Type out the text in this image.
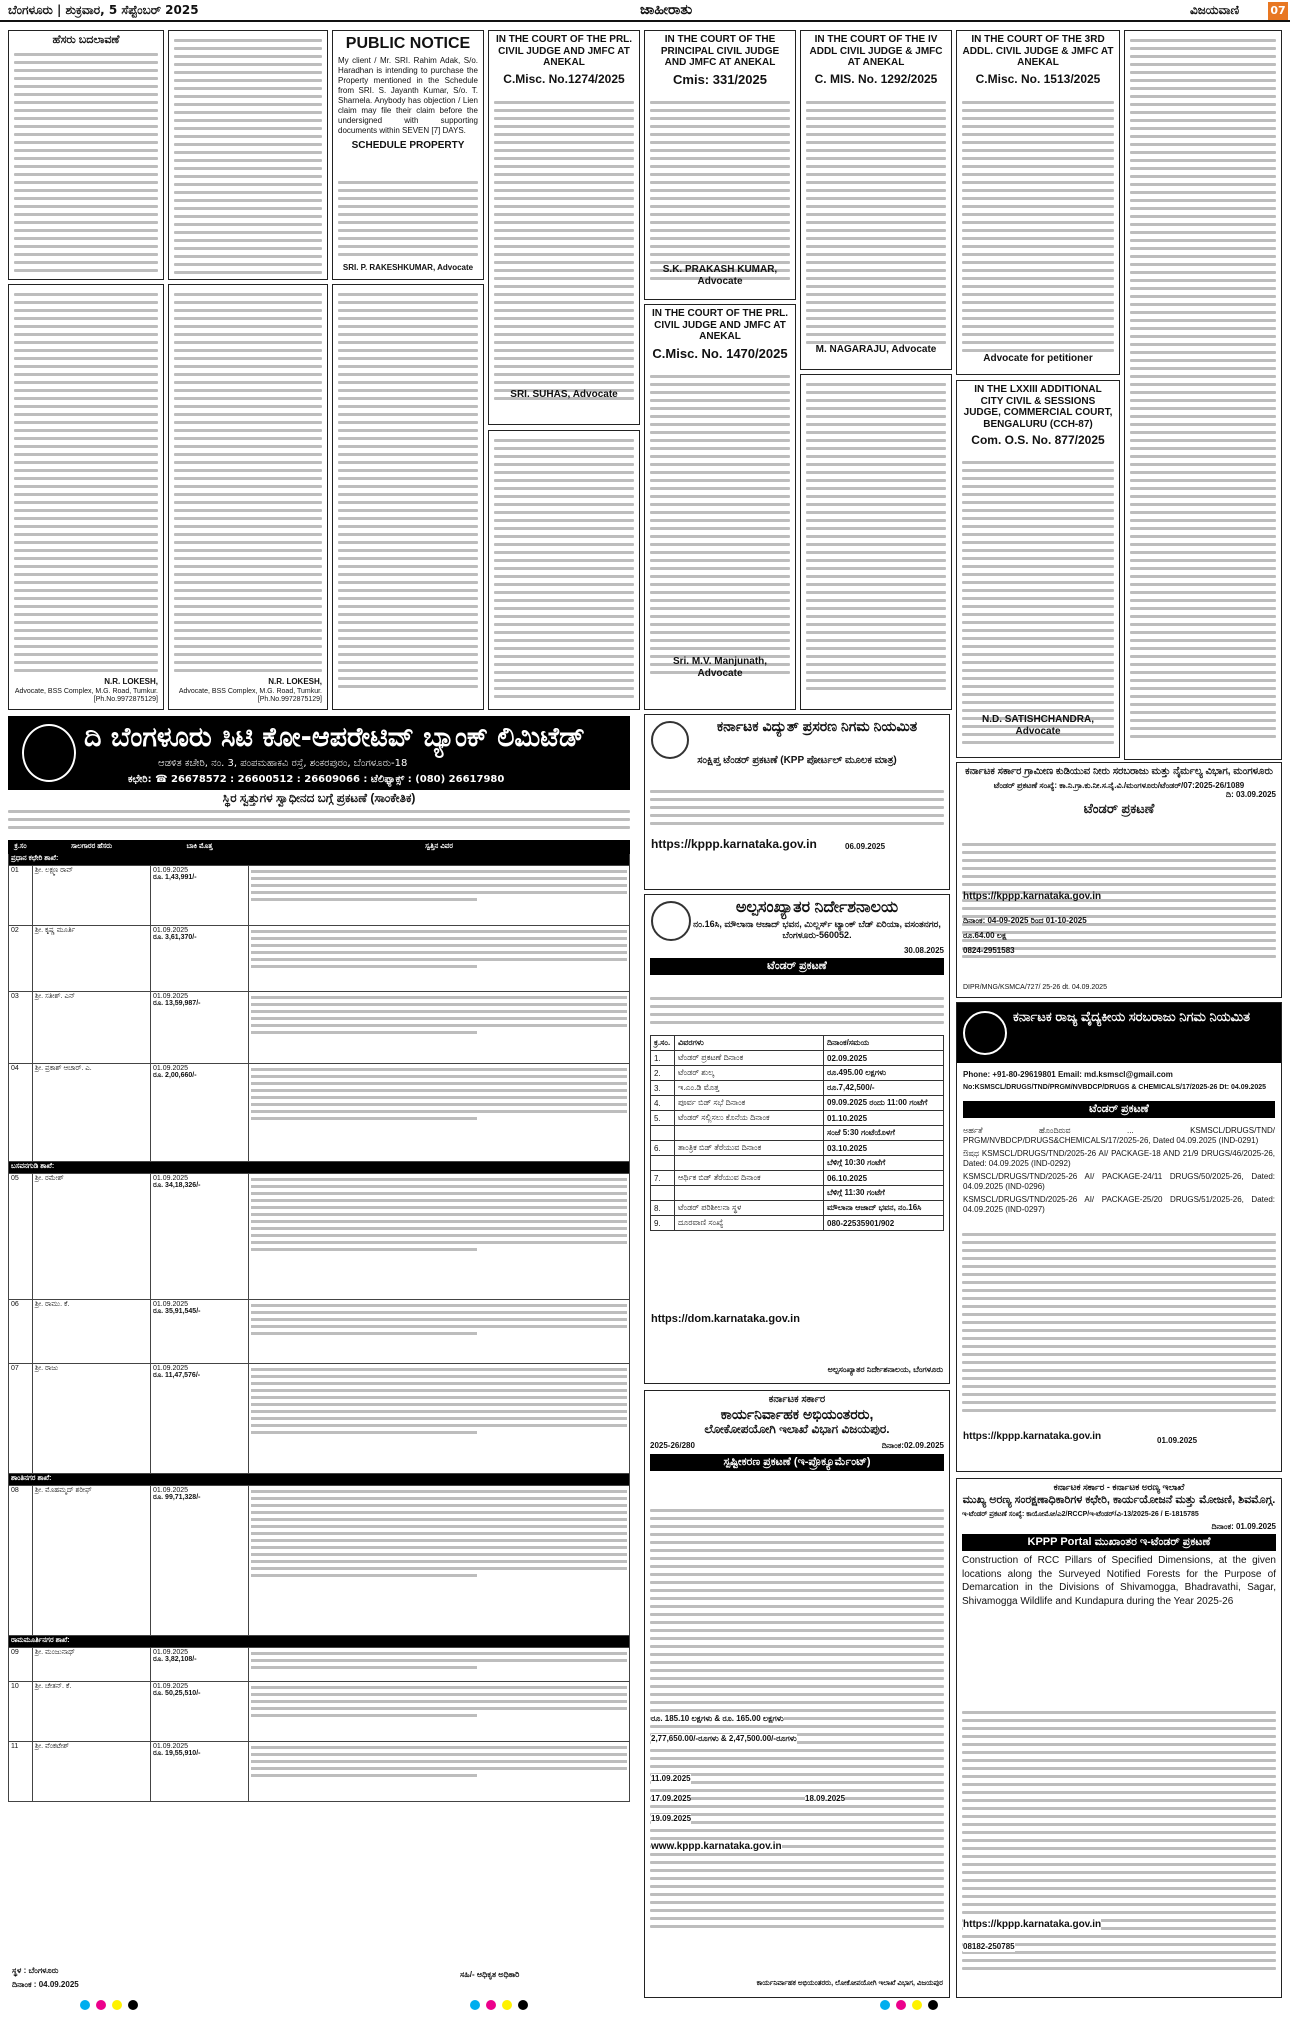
ಬೆಂಗಳೂರು | ಶುಕ್ರವಾರ, 5 ಸೆಪ್ಟೆಂಬರ್ 2025	ಜಾಹೀರಾತು	ವಿಜಯವಾಣಿ	07
ಹೆಸರು ಬದಲಾವಣೆ	PUBLIC NOTICE
My client / Mr. SRI. Rahim Adak, S/o. Haradhan is intending to purchase the Property mentioned in the Schedule from SRI. S. Jayanth Kumar, S/o. T. Sharnela. Anybody has objection / Lien claim may file their claim before the undersigned with supporting documents within SEVEN [7] DAYS.
SCHEDULE PROPERTY
SRI. P. RAKESHKUMAR, Advocate
IN THE COURT OF THE PRL. CIVIL JUDGE AND JMFC AT ANEKAL
C.Misc. No.1274/2025
SRI. SUHAS, Advocate
IN THE COURT OF THE PRINCIPAL CIVIL JUDGE AND JMFC AT ANEKAL
Cmis: 331/2025
S.K. PRAKASH KUMAR, Advocate
IN THE COURT OF THE IV ADDL CIVIL JUDGE & JMFC AT ANEKAL
C. MIS. No. 1292/2025
M. NAGARAJU, Advocate
IN THE COURT OF THE 3RD ADDL. CIVIL JUDGE & JMFC AT ANEKAL
C.Misc. No. 1513/2025
Advocate for petitioner
N.R. LOKESH,
Advocate, BSS Complex, M.G. Road, Tumkur. [Ph.No.9972875129]
N.R. LOKESH,
Advocate, BSS Complex, M.G. Road, Tumkur. [Ph.No.9972875129]
IN THE COURT OF THE PRL. CIVIL JUDGE AND JMFC AT ANEKAL
C.Misc. No. 1470/2025
Sri. M.V. Manjunath, Advocate
IN THE LXXIII ADDITIONAL CITY CIVIL & SESSIONS JUDGE, COMMERCIAL COURT, BENGALURU (CCH-87)
Com. O.S. No. 877/2025
N.D. SATISHCHANDRA, Advocate
ಕರ್ನಾಟಕ ವಿದ್ಯುತ್ ಪ್ರಸರಣ ನಿಗಮ ನಿಯಮಿತ
ಸಂಕ್ಷಿಪ್ತ ಟೆಂಡರ್ ಪ್ರಕಟಣೆ (KPP ಪೋರ್ಟಲ್ ಮೂಲಕ ಮಾತ್ರ)
https://kppp.karnataka.gov.in	06.09.2025
ಕರ್ನಾಟಕ ಸರ್ಕಾರ ಗ್ರಾಮೀಣ ಕುಡಿಯುವ ನೀರು ಸರಬರಾಜು ಮತ್ತು ನೈರ್ಮಲ್ಯ ವಿಭಾಗ, ಮಂಗಳೂರು
ಟೆಂಡರ್ ಪ್ರಕಟಣೆ ಸಂಖ್ಯೆ: ಕಾ.ನಿ.ಗ್ರಾ.ಕು.ನೀ.ಸ.ನೈ.ವಿ./ಮಂಗಳೂರು/ಟೆಂಡರ್/07:2025-26/1089
ದಿ: 03.09.2025
ಟೆಂಡರ್ ಪ್ರಕಟಣೆ
https://kppp.karnataka.gov.in
ದಿನಾಂಕ: 04-09-2025 ರಿಂದ 01-10-2025
ರೂ.64.00 ಲಕ್ಷ
0824-2951583
DIPR/MNG/KSMCA/727/ 25-26 dt. 04.09.2025
ದಿ ಬೆಂಗಳೂರು ಸಿಟಿ ಕೋ-ಆಪರೇಟಿವ್ ಬ್ಯಾಂಕ್ ಲಿಮಿಟೆಡ್
ಆಡಳಿತ ಕಚೇರಿ, ನಂ. 3, ಪಂಪಮಹಾಕವಿ ರಸ್ತೆ, ಶಂಕರಪುರಂ, ಬೆಂಗಳೂರು-18
ಕಛೇರಿ: ☎ 26678572 : 26600512 : 26609066 : ಟೆಲಿಫ್ಯಾಕ್ಸ್ : (080) 26617980
ಸ್ಥಿರ ಸ್ವತ್ತುಗಳ ಸ್ವಾಧೀನದ ಬಗ್ಗೆ ಪ್ರಕಟಣೆ (ಸಾಂಕೇತಿಕ)
ಕ್ರ.ಸಂ	ಸಾಲಗಾರರ ಹೆಸರು	ಬಾಕಿ ಮೊತ್ತ	ಸ್ವತ್ತಿನ ವಿವರ
ಪ್ರಧಾನ ಕಛೇರಿ ಶಾಖೆ:			
01	ಶ್ರೀ. ಲಕ್ಷ್ಮಣ ರಾವ್	01.09.2025
ರೂ. 1,43,991/-	

02	ಶ್ರೀ. ಕೃಷ್ಣ ಮೂರ್ತಿ	01.09.2025
ರೂ. 3,61,370/-	

03	ಶ್ರೀ. ಸತೀಶ್. ಎನ್	01.09.2025
ರೂ. 13,59,987/-	

04	ಶ್ರೀ. ಪ್ರಕಾಶ್ ಆಚಾರ್. ಎ.	01.09.2025
ರೂ. 2,00,660/-	

ಬಸವನಗುಡಿ ಶಾಖೆ:			
05	ಶ್ರೀ. ರಮೇಶ್	01.09.2025
ರೂ. 34,18,326/-	

06	ಶ್ರೀ. ರಾಮು. ಕೆ.	01.09.2025
ರೂ. 35,91,545/-	

07	ಶ್ರೀ. ರಾಜು	01.09.2025
ರೂ. 11,47,576/-	

ಶಾಂತಿನಗರ ಶಾಖೆ:			
08	ಶ್ರೀ. ಮೊಹಮ್ಮದ್ ಶರೀಫ್	01.09.2025
ರೂ. 99,71,328/-	

ರಾಮಮೂರ್ತಿನಗರ ಶಾಖೆ:			
09	ಶ್ರೀ. ಮಂಜುನಾಥ್	01.09.2025
ರೂ. 3,82,108/-	

10	ಶ್ರೀ. ಚೇತನ್. ಕೆ.	01.09.2025
ರೂ. 50,25,510/-	

11	ಶ್ರೀ. ವೆಂಕಟೇಶ್	01.09.2025
ರೂ. 19,55,910/-	

ಸ್ಥಳ : ಬೆಂಗಳೂರು
ದಿನಾಂಕ : 04.09.2025
ಸಹಿ/- ಅಧಿಕೃತ ಅಧಿಕಾರಿ
ಅಲ್ಪಸಂಖ್ಯಾತರ ನಿರ್ದೇಶನಾಲಯ
ನಂ.16ಸಿ, ಮೌಲಾನಾ ಆಜಾದ್ ಭವನ, ಮಿಲ್ಲರ್ಸ್ ಟ್ಯಾಂಕ್ ಬೆಡ್ ಏರಿಯಾ, ವಸಂತನಗರ, ಬೆಂಗಳೂರು-560052.
30.08.2025
ಟೆಂಡರ್ ಪ್ರಕಟಣೆ
ಕ್ರ.ಸಂ.	ವಿವರಗಳು	ದಿನಾಂಕ/ಸಮಯ
1.	ಟೆಂಡರ್ ಪ್ರಕಟಣೆ ದಿನಾಂಕ	02.09.2025
2.	ಟೆಂಡರ್ ಶುಲ್ಕ	ರೂ.495.00 ಲಕ್ಷಗಳು
3.	ಇ.ಎಂ.ಡಿ ಮೊತ್ತ	ರೂ.7,42,500/-
4.	ಪೂರ್ವ ಬಿಡ್ ಸಭೆ ದಿನಾಂಕ	09.09.2025 ರಂದು 11:00 ಗಂಟೆಗೆ
5.	ಟೆಂಡರ್ ಸಲ್ಲಿಸಲು ಕೊನೆಯ ದಿನಾಂಕ	01.10.2025
		ಸಂಜೆ 5:30 ಗಂಟೆಯೊಳಗೆ
6.	ತಾಂತ್ರಿಕ ಬಿಡ್ ತೆರೆಯುವ ದಿನಾಂಕ	03.10.2025
		ಬೆಳಿಗ್ಗೆ 10:30 ಗಂಟೆಗೆ
7.	ಆರ್ಥಿಕ ಬಿಡ್ ತೆರೆಯುವ ದಿನಾಂಕ	06.10.2025
		ಬೆಳಿಗ್ಗೆ 11:30 ಗಂಟೆಗೆ
8.	ಟೆಂಡರ್ ಪರಿಶೀಲನಾ ಸ್ಥಳ	ಮೌಲಾನಾ ಆಜಾದ್ ಭವನ, ನಂ.16ಸಿ
9.	ದೂರವಾಣಿ ಸಂಖ್ಯೆ	080-22535901/902
https://dom.karnataka.gov.in
ಅಲ್ಪಸಂಖ್ಯಾತರ ನಿರ್ದೇಶನಾಲಯ, ಬೆಂಗಳೂರು
ಕರ್ನಾಟಕ ಸರ್ಕಾರ
ಕಾರ್ಯನಿರ್ವಾಹಕ ಅಭಿಯಂತರರು,
ಲೋಕೋಪಯೋಗಿ ಇಲಾಖೆ ವಿಭಾಗ ವಿಜಯಪುರ.
2025-26/280	ದಿನಾಂಕ:02.09.2025
ಸ್ಪಷ್ಟೀಕರಣ ಪ್ರಕಟಣೆ (ಇ-ಪ್ರೊಕ್ಯೂರ್ಮೆಂಟ್)
ರೂ. 185.10 ಲಕ್ಷಗಳು & ರೂ. 165.00 ಲಕ್ಷಗಳು
2,77,650.00/-ರೂಗಳು & 2,47,500.00/-ರೂಗಳು
11.09.2025
17.09.2025	18.09.2025
19.09.2025
www.kppp.karnataka.gov.in
ಕಾರ್ಯನಿರ್ವಾಹಕ ಅಭಿಯಂತರರು, ಲೋಕೋಪಯೋಗಿ ಇಲಾಖೆ ವಿಭಾಗ, ವಿಜಯಪುರ
ಕರ್ನಾಟಕ ರಾಜ್ಯ ವೈದ್ಯಕೀಯ ಸರಬರಾಜು ನಿಗಮ ನಿಯಮಿತ
Phone: +91-80-29619801 Email: md.ksmscl@gmail.com
No:KSMSCL/DRUGS/TND/PRGM/NVBDCP/DRUGS & CHEMICALS/17/2025-26 Dt: 04.09.2025
ಟೆಂಡರ್ ಪ್ರಕಟಣೆ
ಅರ್ಹತೆ ಹೊಂದಿರುವ ... KSMSCL/DRUGS/TND/ PRGM/NVBDCP/DRUGS&CHEMICALS/17/2025-26, Dated 04.09.2025 (IND-0291)
ಔಷಧ KSMSCL/DRUGS/TND/2025-26 AI/ PACKAGE-18 AND 21/9 DRUGS/46/2025-26, Dated: 04.09.2025 (IND-0292)
KSMSCL/DRUGS/TND/2025-26 AI/ PACKAGE-24/11 DRUGS/50/2025-26, Dated: 04.09.2025 (IND-0296)
KSMSCL/DRUGS/TND/2025-26 AI/ PACKAGE-25/20 DRUGS/51/2025-26, Dated: 04.09.2025 (IND-0297)
https://kppp.karnataka.gov.in	01.09.2025
ಕರ್ನಾಟಕ ಸರ್ಕಾರ - ಕರ್ನಾಟಕ ಅರಣ್ಯ ಇಲಾಖೆ
ಮುಖ್ಯ ಅರಣ್ಯ ಸಂರಕ್ಷಣಾಧಿಕಾರಿಗಳ ಕಛೇರಿ, ಕಾರ್ಯಯೋಜನೆ ಮತ್ತು ಮೋಜಣಿ, ಶಿವಮೊಗ್ಗ.
ಇ-ಟೆಂಡರ್ ಪ್ರಕಟಣೆ ಸಂಖ್ಯೆ: ಕಾಯೋಮೋ/ಎ2/RCCP/ಇ-ಟೆಂಡರ್/ವಿ-13/2025-26 / E-1815785
ದಿನಾಂಕ: 01.09.2025
KPPP Portal ಮುಖಾಂತರ ಇ-ಟೆಂಡರ್ ಪ್ರಕಟಣೆ
Construction of RCC Pillars of Specified Dimensions, at the given locations along the Surveyed Notified Forests for the Purpose of Demarcation in the Divisions of Shivamogga, Bhadravathi, Sagar, Shivamogga Wildlife and Kundapura during the Year 2025-26
https://kppp.karnataka.gov.in
08182-250785
